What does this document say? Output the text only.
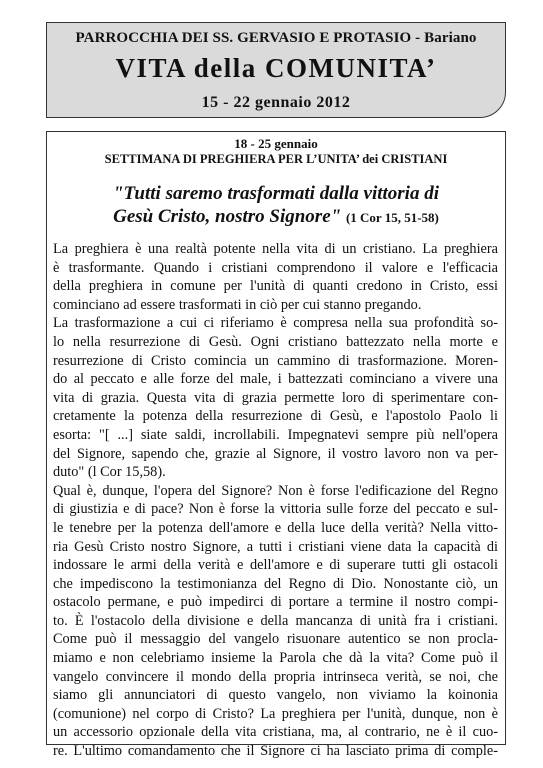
PARROCCHIA DEI SS. GERVASIO E PROTASIO - Bariano
VITA della COMUNITA’
15 - 22 gennaio 2012
18 - 25 gennaio
SETTIMANA DI PREGHIERA PER L’UNITA’ dei CRISTIANI
"Tutti saremo trasformati dalla vittoria di
Gesù Cristo, nostro Signore" (1 Cor 15, 51-58)
La preghiera è una realtà potente nella vita di un cristiano. La preghiera
è trasformante. Quando i cristiani comprendono il valore e l'efficacia
della preghiera in comune per l'unità di quanti credono in Cristo, essi
cominciano ad essere trasformati in ciò per cui stanno pregando.
La trasformazione a cui ci riferiamo è compresa nella sua profondità so-
lo nella resurrezione di Gesù. Ogni cristiano battezzato nella morte e
resurrezione di Cristo comincia un cammino di trasformazione. Moren-
do al peccato e alle forze del male, i battezzati cominciano a vivere una
vita di grazia. Questa vita di grazia permette loro di sperimentare con-
cretamente la potenza della resurrezione di Gesù, e l'apostolo Paolo li
esorta: "[ ...] siate saldi, incrollabili. Impegnatevi sempre più nell'opera
del Signore, sapendo che, grazie al Signore, il vostro lavoro non va per-
duto" (l Cor 15,58).
Qual è, dunque, l'opera del Signore? Non è forse l'edificazione del Regno
di giustizia e di pace? Non è forse la vittoria sulle forze del peccato e sul-
le tenebre per la potenza dell'amore e della luce della verità? Nella vitto-
ria Gesù Cristo nostro Signore, a tutti i cristiani viene data la capacità di
indossare le armi della verità e dell'amore e di superare tutti gli ostacoli
che impediscono la testimonianza del Regno di Dio. Nonostante ciò, un
ostacolo permane, e può impedirci di portare a termine il nostro compi-
to. È l'ostacolo della divisione e della mancanza di unità fra i cristiani.
Come può il messaggio del vangelo risuonare autentico se non procla-
miamo e non celebriamo insieme la Parola che dà la vita? Come può il
vangelo convincere il mondo della propria intrinseca verità, se noi, che
siamo gli annunciatori di questo vangelo, non viviamo la koinonia
(comunione) nel corpo di Cristo? La preghiera per l'unità, dunque, non è
un accessorio opzionale della vita cristiana, ma, al contrario, ne è il cuo-
re. L'ultimo comandamento che il Signore ci ha lasciato prima di comple-
